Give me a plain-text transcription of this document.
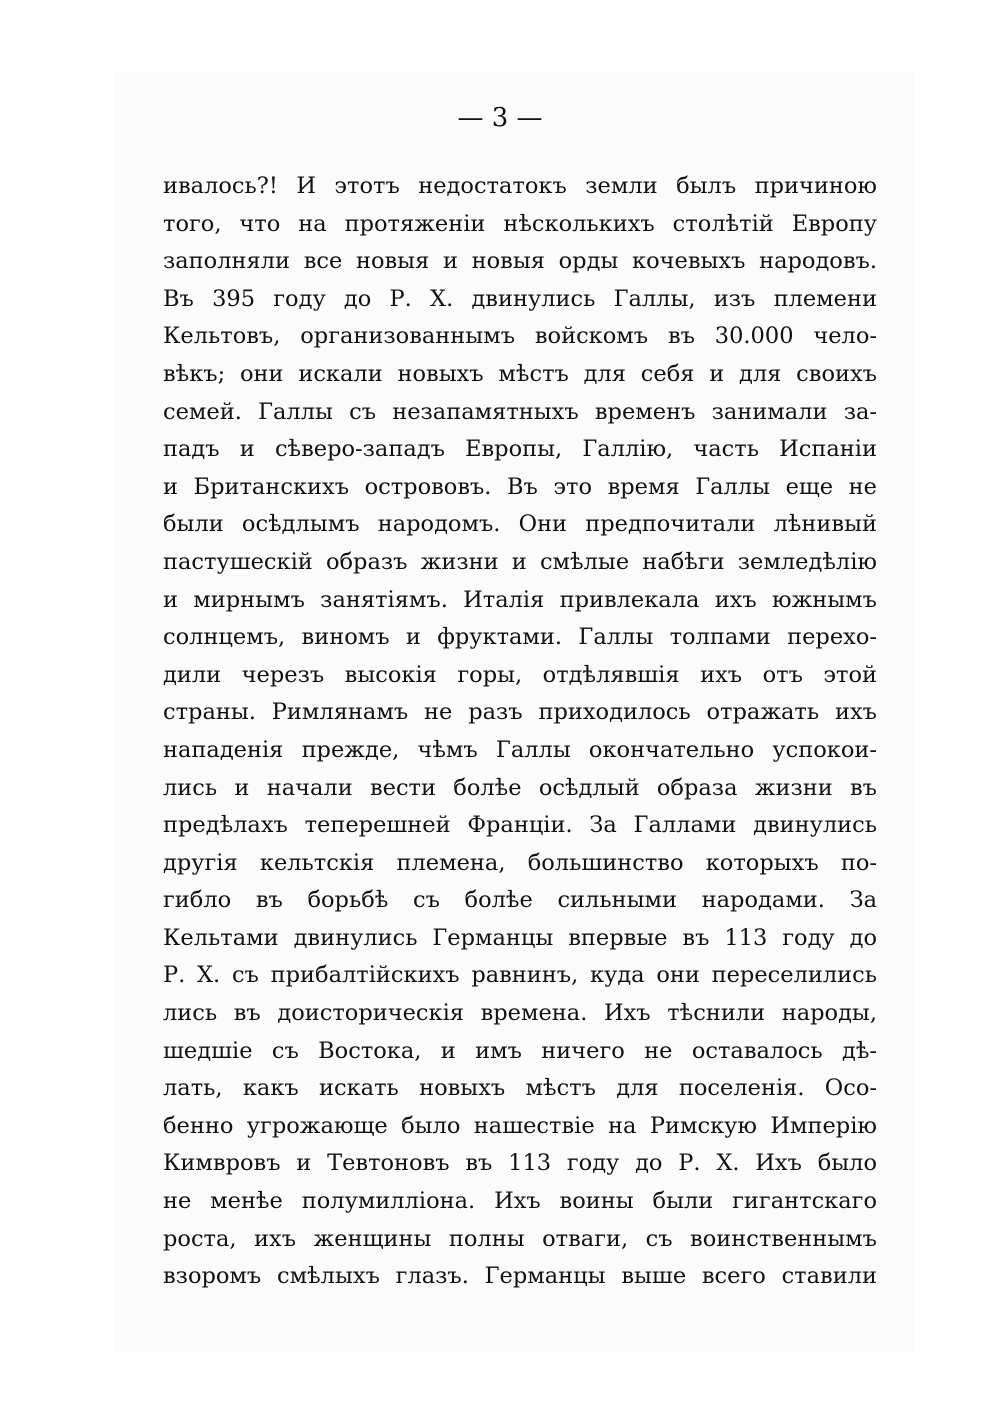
— 3 —

ивалось?! И этотъ недостатокъ земли былъ причиною
того, что на протяженіи нѣсколькихъ столѣтій Европу
заполняли все новыя и новыя орды кочевыхъ народовъ.
Въ 395 году до Р. Х. двинулись Галлы, изъ племени
Кельтовъ, организованнымъ войскомъ въ 30.000 чело-
вѣкъ; они искали новыхъ мѣстъ для себя и для своихъ
семей. Галлы съ незапамятныхъ временъ занимали за-
падъ и сѣверо-западъ Европы, Галлію, часть Испаніи
и Британскихъ острововъ. Въ это время Галлы еще не
были осѣдлымъ народомъ. Они предпочитали лѣнивый
пастушескій образъ жизни и смѣлые набѣги земледѣлію
и мирнымъ занятіямъ. Италія привлекала ихъ южнымъ
солнцемъ, виномъ и фруктами. Галлы толпами перехо-
дили черезъ высокія горы, отдѣлявшія ихъ отъ этой
страны. Римлянамъ не разъ приходилось отражать ихъ
нападенія прежде, чѣмъ Галлы окончательно успокои-
лись и начали вести болѣе осѣдлый образа жизни въ
предѣлахъ теперешней Франціи. За Галлами двинулись
другія кельтскія племена, большинство которыхъ по-
гибло въ борьбѣ съ болѣе сильными народами. За
Кельтами двинулись Германцы впервые въ 113 году до
Р. Х. съ прибалтійскихъ равнинъ, куда они переселились
лись въ доисторическія времена. Ихъ тѣснили народы,
шедшіе съ Востока, и имъ ничего не оставалось дѣ-
лать, какъ искать новыхъ мѣстъ для поселенія. Осо-
бенно угрожающе было нашествіе на Римскую Имперію
Кимвровъ и Тевтоновъ въ 113 году до Р. Х. Ихъ было
не менѣе полумилліона. Ихъ воины были гигантскаго
роста, ихъ женщины полны отваги, съ воинственнымъ
взоромъ смѣлыхъ глазъ. Германцы выше всего ставили
